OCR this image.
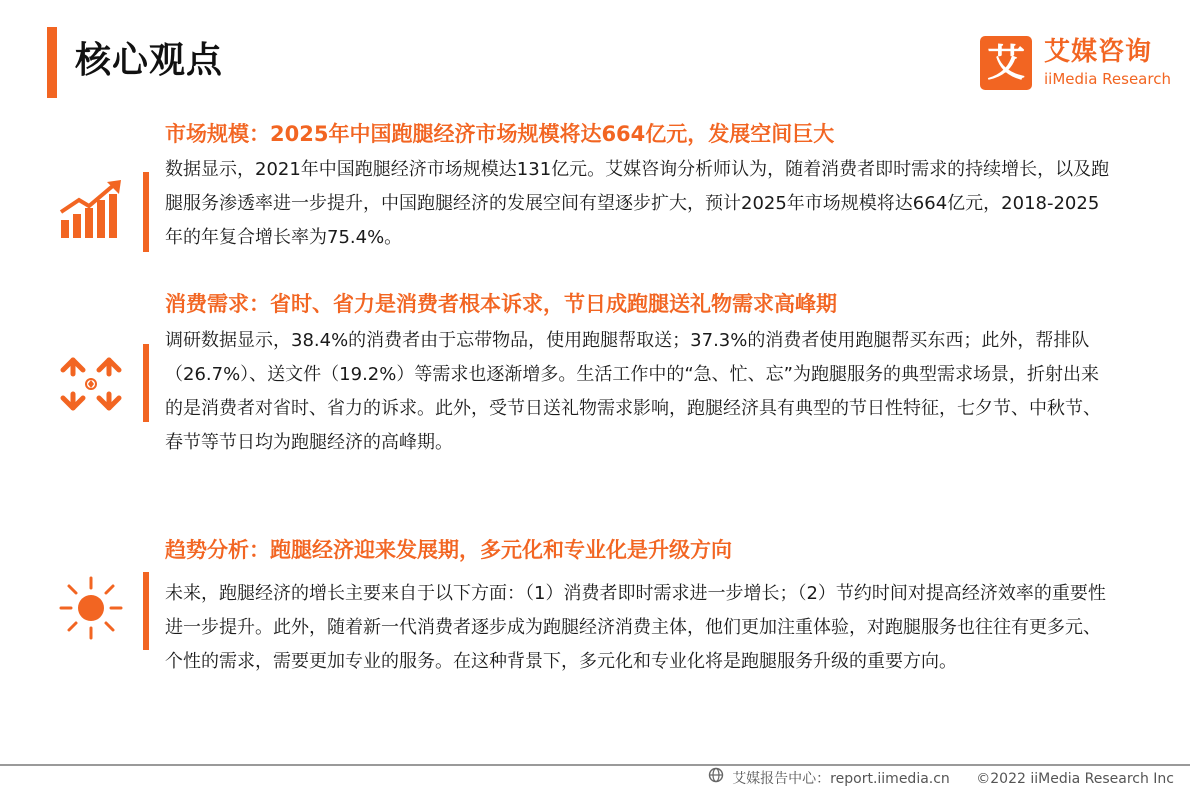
核心观点	艾 艾媒咨询
iiMedia Research
市场规模：2025年中国跑腿经济市场规模将达664亿元，发展空间巨大
数据显示，2021年中国跑腿经济市场规模达131亿元。艾媒咨询分析师认为，随着消费者即时需求的持续增长，以及跑腿服务渗透率进一步提升，中国跑腿经济的发展空间有望逐步扩大，预计2025年市场规模将达664亿元，2018-2025年的年复合增长率为75.4%。
消费需求：省时、省力是消费者根本诉求，节日成跑腿送礼物需求高峰期
调研数据显示，38.4%的消费者由于忘带物品，使用跑腿帮取送；37.3%的消费者使用跑腿帮买东西；此外，帮排队（26.7%）、送文件（19.2%）等需求也逐渐增多。生活工作中的“急、忙、忘”为跑腿服务的典型需求场景，折射出来的是消费者对省时、省力的诉求。此外，受节日送礼物需求影响，跑腿经济具有典型的节日性特征，七夕节、中秋节、春节等节日均为跑腿经济的高峰期。
趋势分析：跑腿经济迎来发展期，多元化和专业化是升级方向
未来，跑腿经济的增长主要来自于以下方面：（1）消费者即时需求进一步增长；（2）节约时间对提高经济效率的重要性进一步提升。此外，随着新一代消费者逐步成为跑腿经济消费主体，他们更加注重体验，对跑腿服务也往往有更多元、个性的需求，需要更加专业的服务。在这种背景下，多元化和专业化将是跑腿服务升级的重要方向。
艾媒报告中心：report.iimedia.cn ©2022 iiMedia Research Inc
